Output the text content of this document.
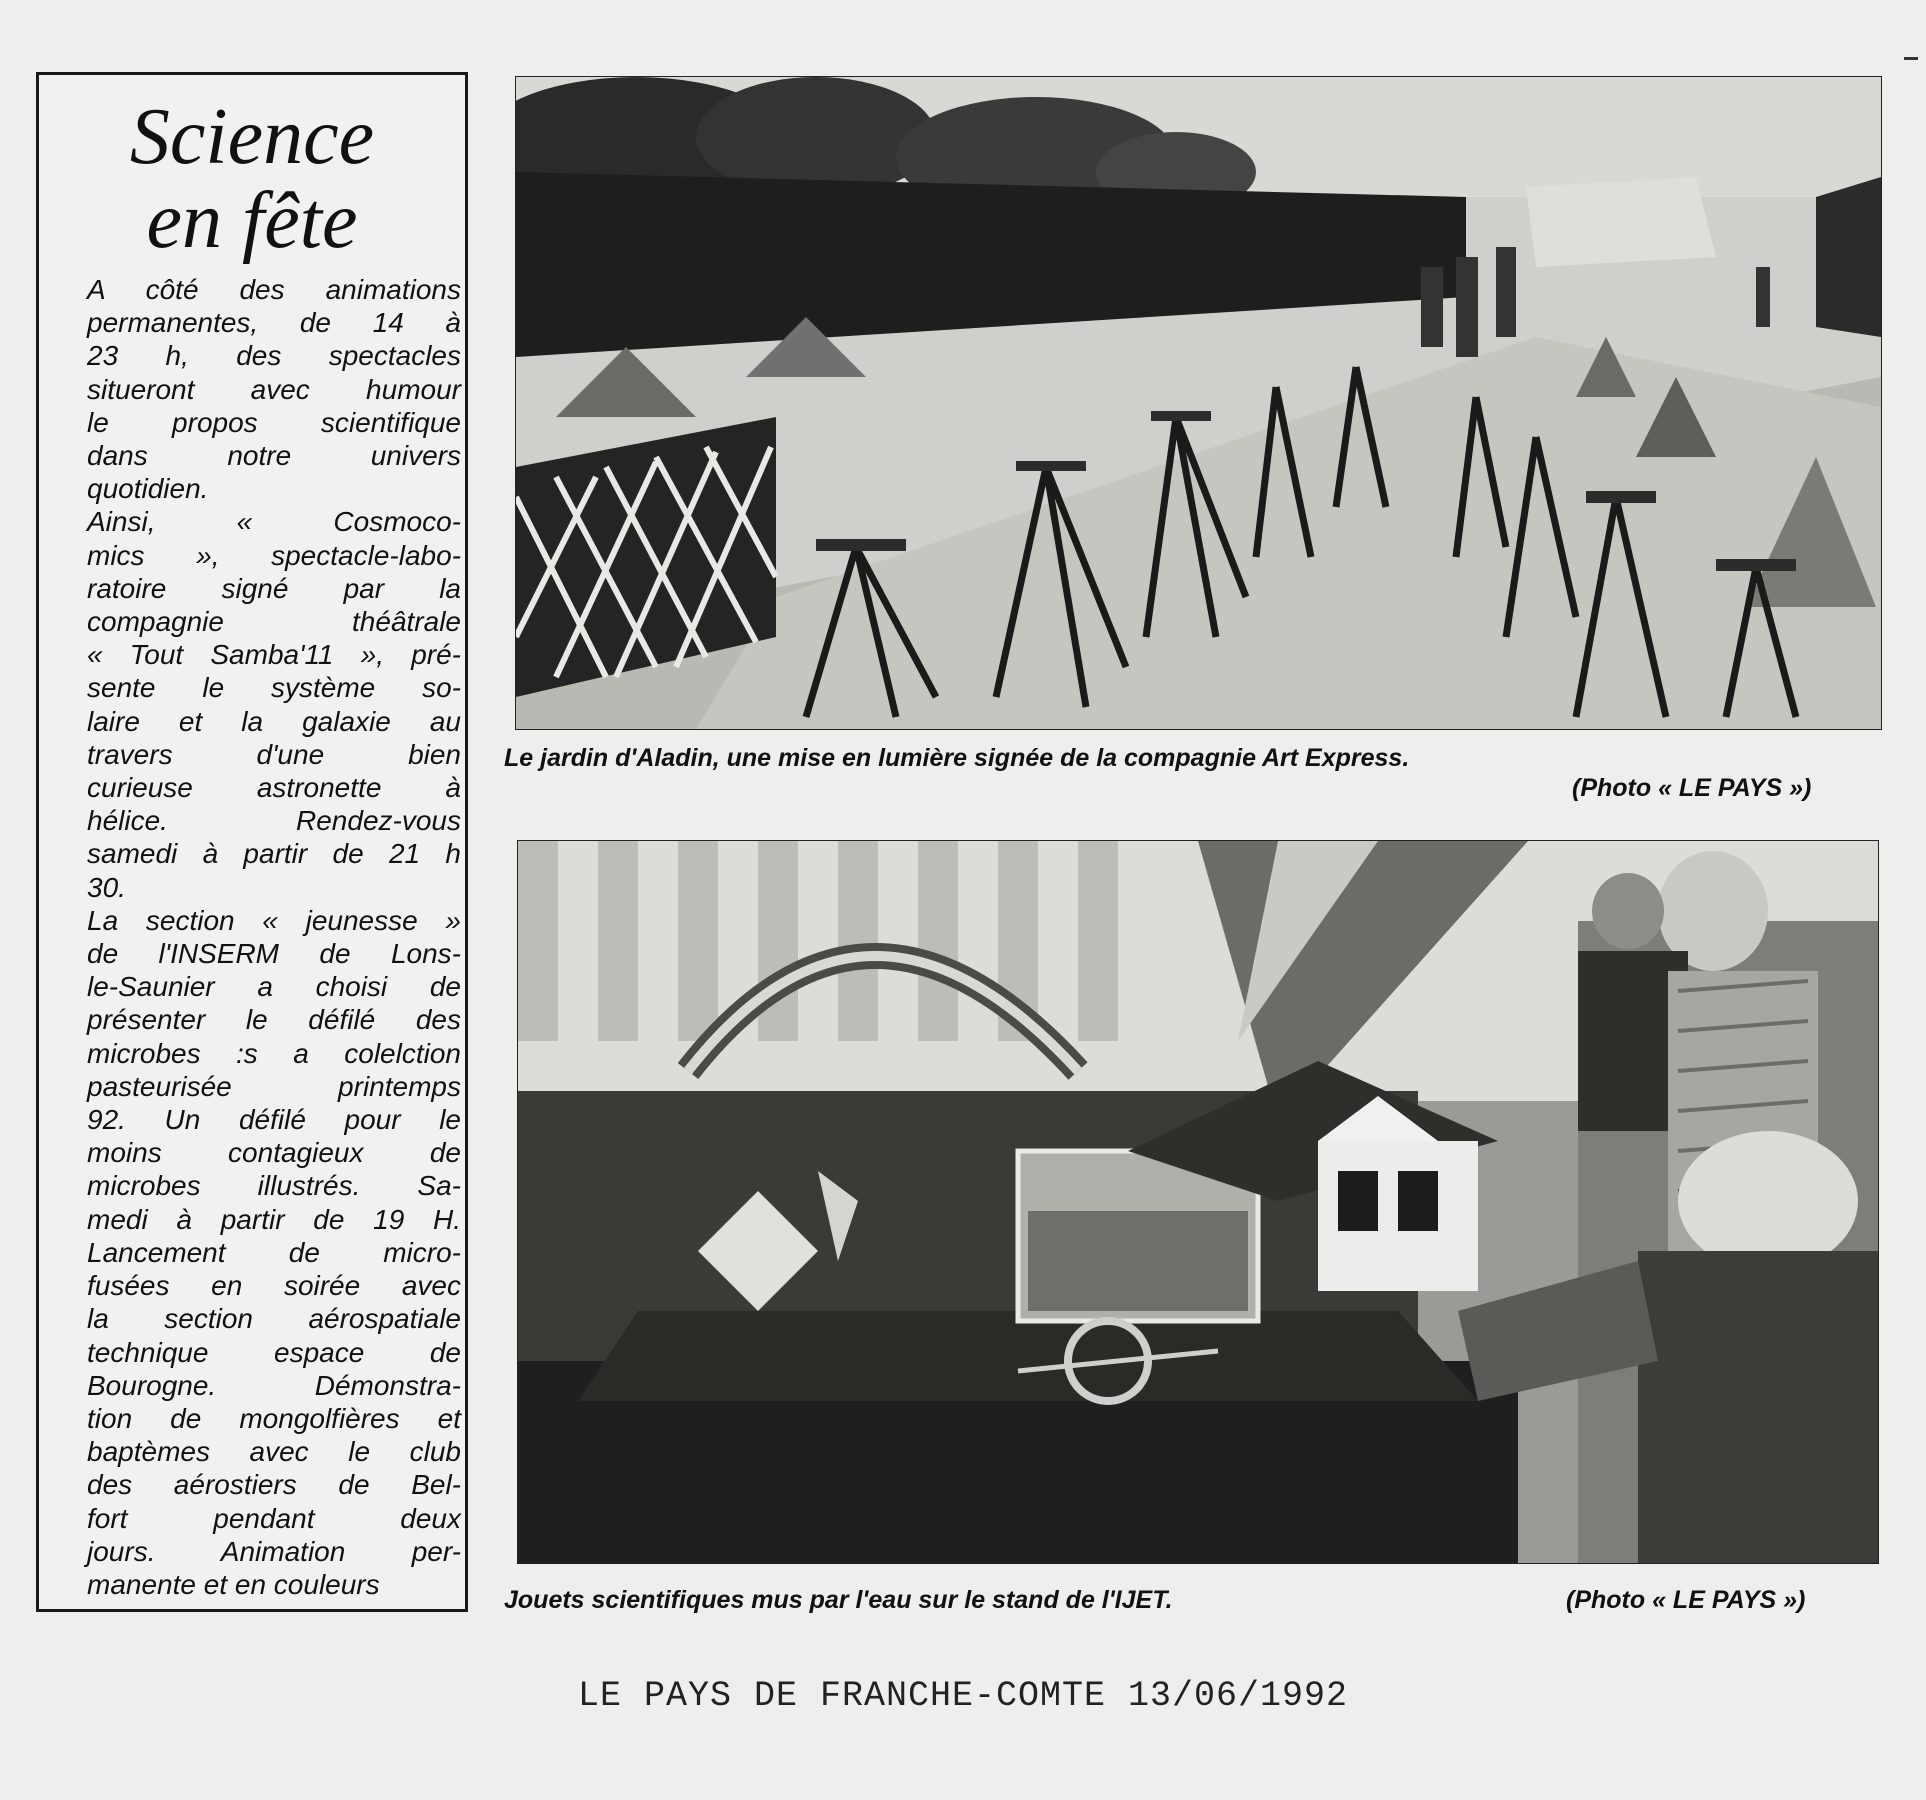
Science
en fête
A côté des animations
permanentes, de 14 à
23 h, des spectacles
situeront avec humour
le propos scientifique
dans notre univers
quotidien.
Ainsi, « Cosmoco-
mics », spectacle-labo-
ratoire signé par la
compagnie théâtrale
« Tout Samba'11 », pré-
sente le système so-
laire et la galaxie au
travers d'une bien
curieuse astronette à
hélice. Rendez-vous
samedi à partir de 21 h
30.
La section « jeunesse »
de l'INSERM de Lons-
le-Saunier a choisi de
présenter le défilé des
microbes :s a colelction
pasteurisée printemps
92. Un défilé pour le
moins contagieux de
microbes illustrés. Sa-
medi à partir de 19 H.
Lancement de micro-
fusées en soirée avec
la section aérospatiale
technique espace de
Bourogne. Démonstra-
tion de mongolfières et
baptèmes avec le club
des aérostiers de Bel-
fort pendant deux
jours. Animation per-
manente et en couleurs
Le jardin d'Aladin, une mise en lumière signée de la compagnie Art Express.
(Photo « LE PAYS »)
Jouets scientifiques mus par l'eau sur le stand de l'IJET.	(Photo « LE PAYS »)
LE PAYS DE FRANCHE-COMTE 13/06/1992
